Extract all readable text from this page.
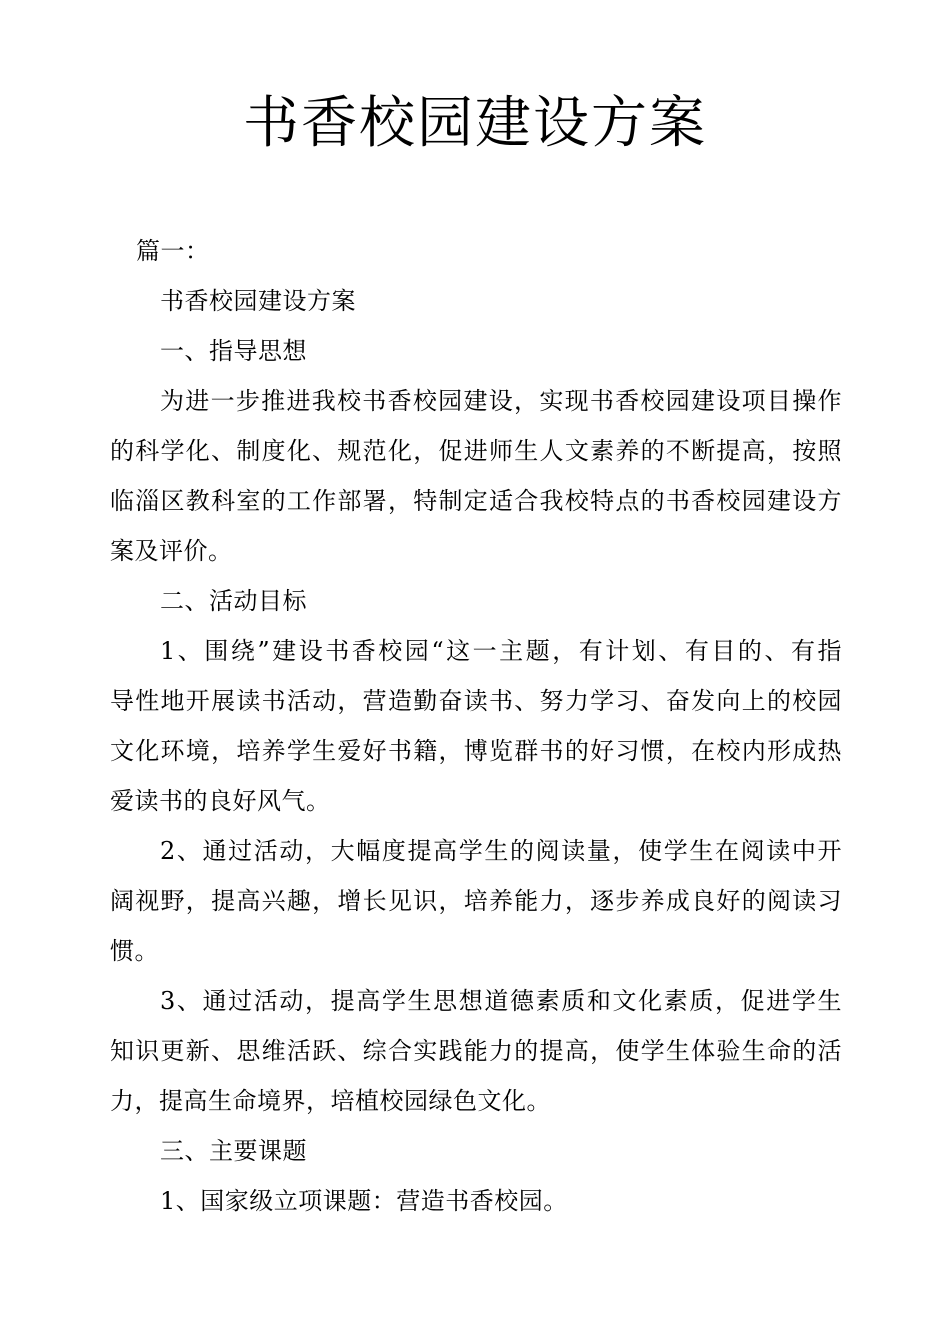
书香校园建设方案

篇一：

书香校园建设方案

一、指导思想

为进一步推进我校书香校园建设，实现书香校园建设项目操作

的科学化、制度化、规范化，促进师生人文素养的不断提高，按照

临淄区教科室的工作部署，特制定适合我校特点的书香校园建设方

案及评价。

二、活动目标

1、围绕”建设书香校园“这一主题，有计划、有目的、有指

导性地开展读书活动，营造勤奋读书、努力学习、奋发向上的校园

文化环境，培养学生爱好书籍，博览群书的好习惯，在校内形成热

爱读书的良好风气。

2、通过活动，大幅度提高学生的阅读量，使学生在阅读中开

阔视野，提高兴趣，增长见识，培养能力，逐步养成良好的阅读习

惯。

3、通过活动，提高学生思想道德素质和文化素质，促进学生

知识更新、思维活跃、综合实践能力的提高，使学生体验生命的活

力，提高生命境界，培植校园绿色文化。

三、主要课题

1、国家级立项课题：营造书香校园。
